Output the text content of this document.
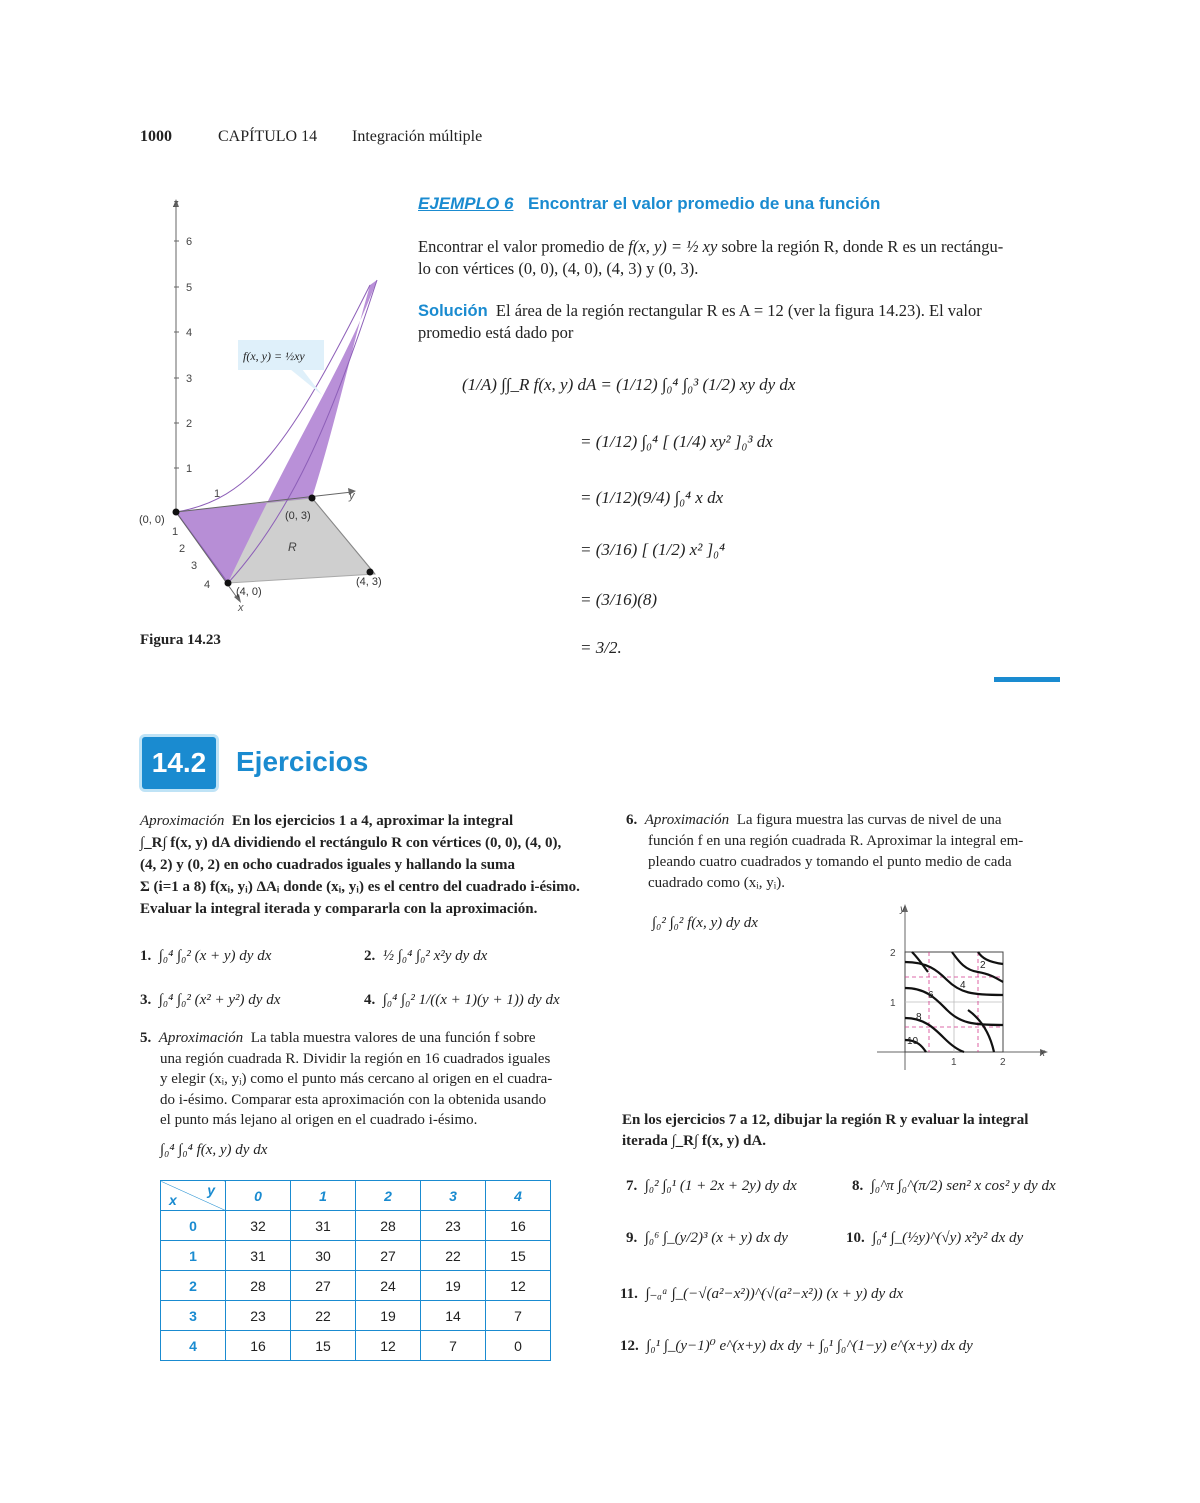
1000	CAPÍTULO 14 Integración múltiple
z
6
5
4
3
2
1
R
y
1
x
1
2
3
4
(0, 0)	(0, 3)
(4, 0)
(4, 3)
f(x, y) = ½xy
Figura 14.23
EJEMPLO 6 Encontrar el valor promedio de una función
Encontrar el valor promedio de f(x, y) = ½ xy sobre la región R, donde R es un rectángu-
lo con vértices (0, 0), (4, 0), (4, 3) y (0, 3).
Solución El área de la región rectangular R es A = 12 (ver la figura 14.23). El valor
promedio está dado por
(1/A) ∫∫_R f(x, y) dA = (1/12) ∫₀⁴ ∫₀³ (1/2) xy dy dx
= (1/12) ∫₀⁴ [ (1/4) xy² ]₀³ dx
= (1/12)(9/4) ∫₀⁴ x dx
= (3/16) [ (1/2) x² ]₀⁴
= (3/16)(8)
= 3/2.
14.2	Ejercicios
Aproximación En los ejercicios 1 a 4, aproximar la integral
∫_R∫ f(x, y) dA dividiendo el rectángulo R con vértices (0, 0), (4, 0),
(4, 2) y (0, 2) en ocho cuadrados iguales y hallando la suma
Σ (i=1 a 8) f(xᵢ, yᵢ) ΔAᵢ donde (xᵢ, yᵢ) es el centro del cuadrado i-ésimo.
Evaluar la integral iterada y compararla con la aproximación.
1. ∫₀⁴ ∫₀² (x + y) dy dx	2. ½ ∫₀⁴ ∫₀² x²y dy dx
3. ∫₀⁴ ∫₀² (x² + y²) dy dx	4. ∫₀⁴ ∫₀² 1/((x + 1)(y + 1)) dy dx
5. Aproximación La tabla muestra valores de una función f sobre
una región cuadrada R. Dividir la región en 16 cuadrados iguales
y elegir (xᵢ, yᵢ) como el punto más cercano al origen en el cuadra-
do i-ésimo. Comparar esta aproximación con la obtenida usando
el punto más lejano al origen en el cuadrado i-ésimo.
∫₀⁴ ∫₀⁴ f(x, y) dy dx
x
y	0	1	2	3	4
0	32	31	28	23	16
1	31	30	27	22	15
2	28	27	24	19	12
3	23	22	19	14	7
4	16	15	12	7	0
6. Aproximación La figura muestra las curvas de nivel de una
función f en una región cuadrada R. Aproximar la integral em-
pleando cuatro cuadrados y tomando el punto medio de cada
cuadrado como (xᵢ, yᵢ).
∫₀² ∫₀² f(x, y) dy dx
y
x
2
4
6
8
10
1	2
1
2
En los ejercicios 7 a 12, dibujar la región R y evaluar la integral
iterada ∫_R∫ f(x, y) dA.
7. ∫₀² ∫₀¹ (1 + 2x + 2y) dy dx	8. ∫₀^π ∫₀^(π/2) sen² x cos² y dy dx
9. ∫₀⁶ ∫_(y/2)³ (x + y) dx dy	10. ∫₀⁴ ∫_(½y)^(√y) x²y² dx dy
11. ∫₋ₐᵃ ∫_(−√(a²−x²))^(√(a²−x²)) (x + y) dy dx
12. ∫₀¹ ∫_(y−1)⁰ e^(x+y) dx dy + ∫₀¹ ∫₀^(1−y) e^(x+y) dx dy
